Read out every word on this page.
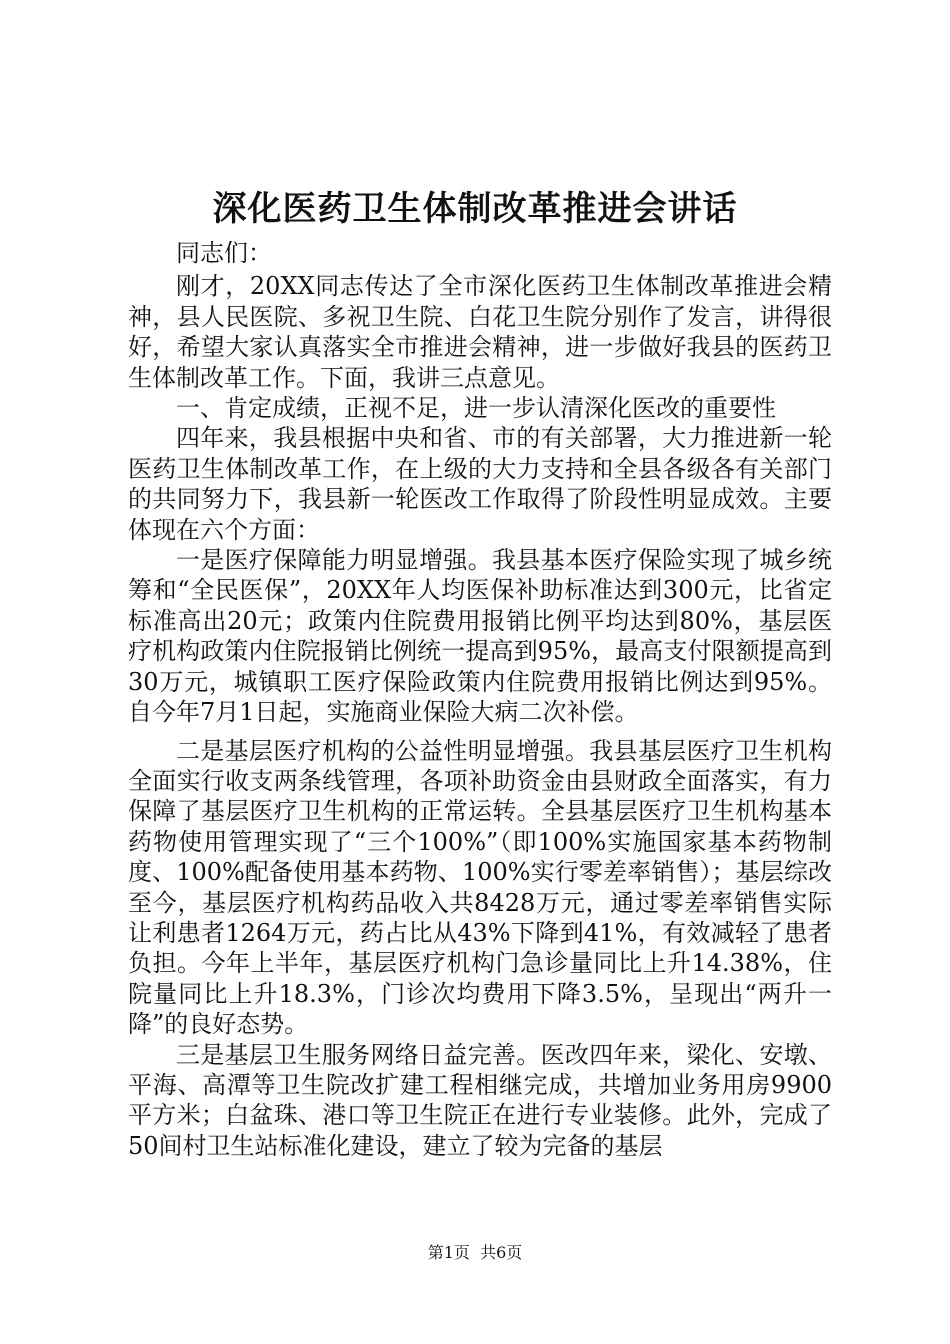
深化医药卫生体制改革推进会讲话

同志们：

刚才，20XX同志传达了全市深化医药卫生体制改革推进会精神，县人民医院、多祝卫生院、白花卫生院分别作了发言，讲得很好，希望大家认真落实全市推进会精神，进一步做好我县的医药卫生体制改革工作。下面，我讲三点意见。

一、肯定成绩，正视不足，进一步认清深化医改的重要性

四年来，我县根据中央和省、市的有关部署，大力推进新一轮医药卫生体制改革工作，在上级的大力支持和全县各级各有关部门的共同努力下，我县新一轮医改工作取得了阶段性明显成效。主要体现在六个方面：

一是医疗保障能力明显增强。我县基本医疗保险实现了城乡统筹和“全民医保”，20XX年人均医保补助标准达到300元，比省定标准高出20元；政策内住院费用报销比例平均达到80%，基层医疗机构政策内住院报销比例统一提高到95%，最高支付限额提高到30万元，城镇职工医疗保险政策内住院费用报销比例达到95%。自今年7月1日起，实施商业保险大病二次补偿。

二是基层医疗机构的公益性明显增强。我县基层医疗卫生机构全面实行收支两条线管理，各项补助资金由县财政全面落实，有力保障了基层医疗卫生机构的正常运转。全县基层医疗卫生机构基本药物使用管理实现了“三个100%”（即100%实施国家基本药物制度、100%配备使用基本药物、100%实行零差率销售）；基层综改至今，基层医疗机构药品收入共8428万元，通过零差率销售实际让利患者1264万元，药占比从43%下降到41%，有效减轻了患者负担。今年上半年，基层医疗机构门急诊量同比上升14.38%，住院量同比上升18.3%，门诊次均费用下降3.5%，呈现出“两升一降”的良好态势。

三是基层卫生服务网络日益完善。医改四年来，梁化、安墩、平海、高潭等卫生院改扩建工程相继完成，共增加业务用房9900平方米；白盆珠、港口等卫生院正在进行专业装修。此外，完成了50间村卫生站标准化建设，建立了较为完备的基层

第1页  共6页
